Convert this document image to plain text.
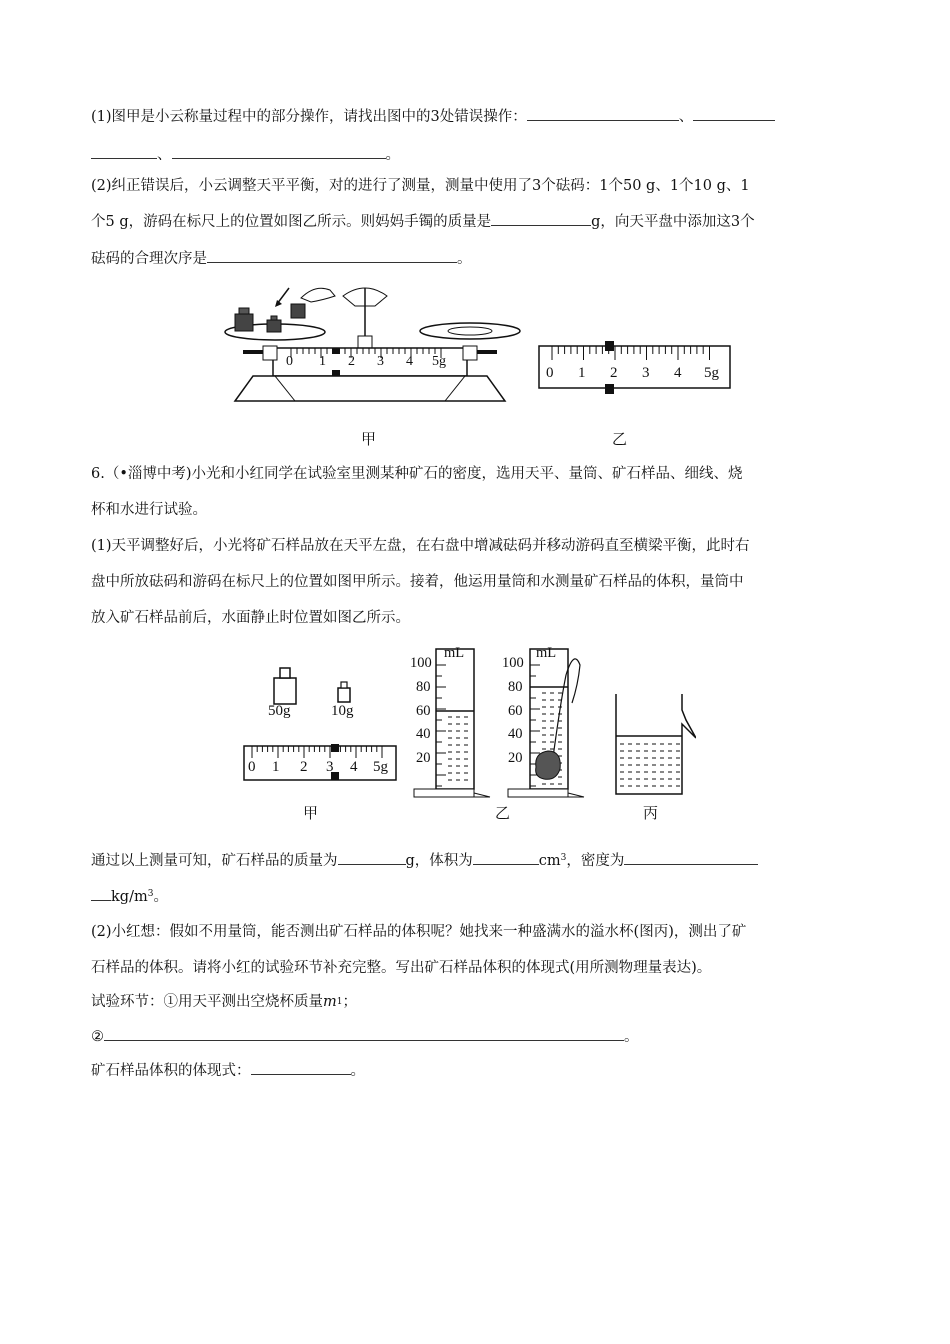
(1)图甲是小云称量过程中的部分操作，请找出图中的3处错误操作：	、
、	。
(2)纠正错误后，小云调整天平平衡，对的进行了测量，测量中使用了3个砝码：1个50 g、1个10 g、1
个5 g，游码在标尺上的位置如图乙所示。则妈妈手镯的质量是	g，向天平盘中添加这3个
砝码的合理次序是	。
0 1 2 3 4 5g
0 1 2 3 4 5g
甲	乙
6.（•淄博中考)小光和小红同学在试验室里测某种矿石的密度，选用天平、量筒、矿石样品、细线、烧
杯和水进行试验。
(1)天平调整好后，小光将矿石样品放在天平左盘，在右盘中增减砝码并移动游码直至横梁平衡，此时右
盘中所放砝码和游码在标尺上的位置如图甲所示。接着，他运用量筒和水测量矿石样品的体积，量筒中
放入矿石样品前后，水面静止时位置如图乙所示。
50g	10g
0 1 2 3 4 5g
mL
100
80
60
40
20
mL
100
80
60
40
20
甲	乙	丙
通过以上测量可知，矿石样品的质量为	g，体积为	$cm^3$，密度为
$kg/m^3$。
(2)小红想：假如不用量筒，能否测出矿石样品的体积呢？她找来一种盛满水的溢水杯(图丙)，测出了矿
石样品的体积。请将小红的试验环节补充完整。写出矿石样品体积的体现式(用所测物理量表达)。
试验环节：①用天平测出空烧杯质量m1；
②	。
矿石样品体积的体现式：	。
